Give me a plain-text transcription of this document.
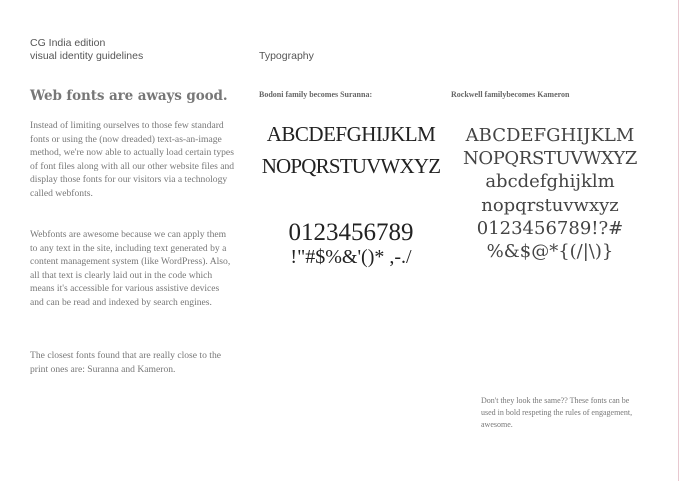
CG India edition
visual identity guidelines	Typography
Web fonts are aways good.
Instead of limiting ourselves to those few standard fonts or using the (now dreaded) text-as-an-image method, we're now able to actually load certain types of font files along with all our other website files and display those fonts for our visitors via a technology called webfonts.
Webfonts are awesome because we can apply them to any text in the site, including text generated by a content management system (like WordPress). Also, all that text is clearly laid out in the code which means it's accessible for various assistive devices and can be read and indexed by search engines.
The closest fonts found that are really close to the print ones are: Suranna and Kameron.
Bodoni family becomes Suranna:	Rockwell familybecomes Kameron
ABCDEFGHIJKLM
NOPQRSTUVWXYZ
0123456789
!"#$%&'()* ,-./
ABCDEFGHIJKLM
NOPQRSTUVWXYZ
abcdefghijklm
nopqrstuvwxyz
0123456789!?#
%&$@*{(/|\)}
Don't they look the same?? These fonts can be used in bold respeting the rules of engagement, awesome.
